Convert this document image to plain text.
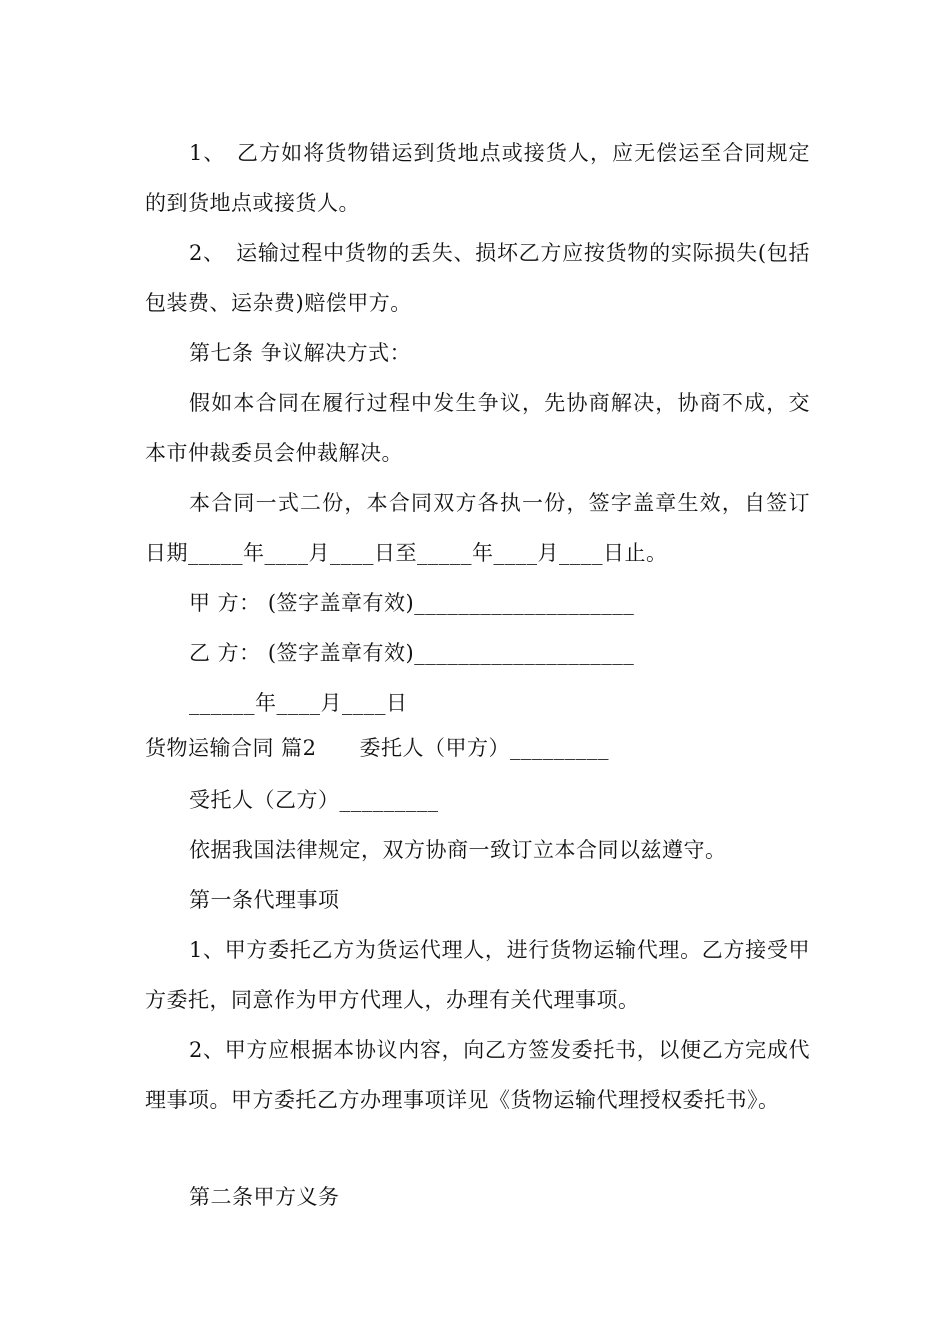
1、　乙方如将货物错运到货地点或接货人，应无偿运至合同规定的到货地点或接货人。
2、　运输过程中货物的丢失、损坏乙方应按货物的实际损失(包括包装费、运杂费)赔偿甲方。
第七条 争议解决方式：
假如本合同在履行过程中发生争议，先协商解决，协商不成，交本市仲裁委员会仲裁解决。
本合同一式二份，本合同双方各执一份，签字盖章生效，自签订日期_____年____月____日至_____年____月____日止。
甲 方： (签字盖章有效)____________________
乙 方： (签字盖章有效)____________________
______年____月____日
货物运输合同 篇2　　委托人（甲方）_________
受托人（乙方）_________
依据我国法律规定，双方协商一致订立本合同以兹遵守。
第一条代理事项
1、甲方委托乙方为货运代理人，进行货物运输代理。乙方接受甲方委托，同意作为甲方代理人，办理有关代理事项。
2、甲方应根据本协议内容，向乙方签发委托书，以便乙方完成代理事项。甲方委托乙方办理事项详见《货物运输代理授权委托书》。
第二条甲方义务
